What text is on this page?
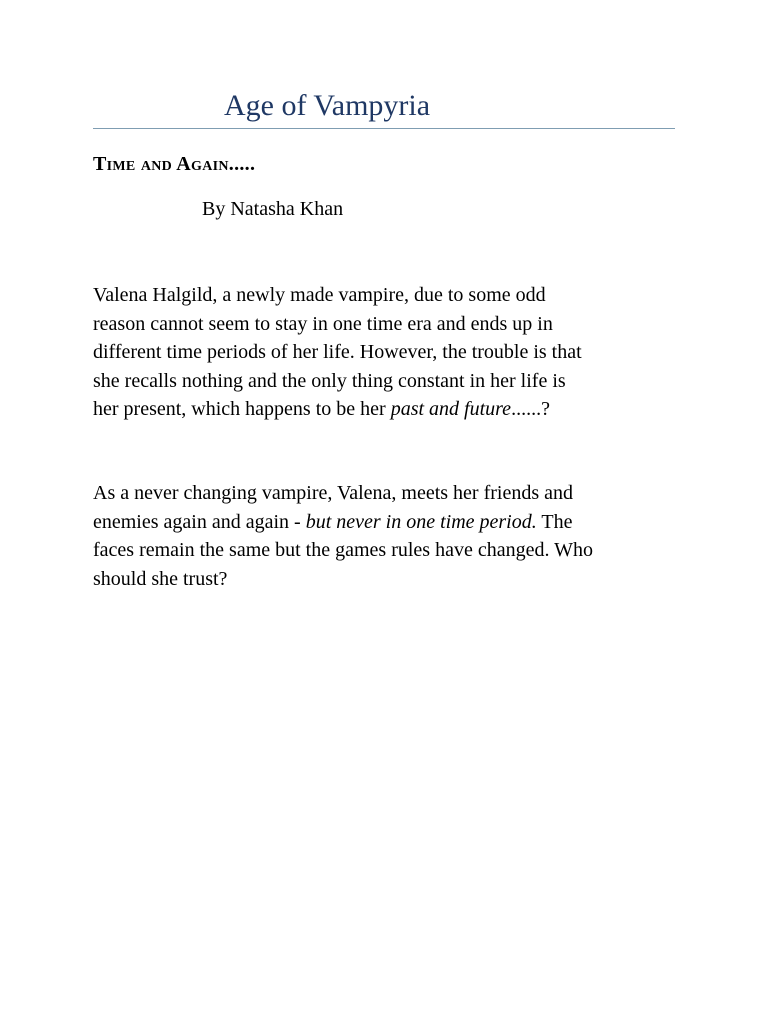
Age of Vampyria
Time and Again.....
By Natasha Khan
Valena Halgild, a newly made vampire, due to some odd
reason cannot seem to stay in one time era and ends up in
different time periods of her life. However, the trouble is that
she recalls nothing and the only thing constant in her life is
her present, which happens to be her past and future......?
As a never changing vampire, Valena, meets her friends and
enemies again and again - but never in one time period. The
faces remain the same but the games rules have changed. Who
should she trust?
